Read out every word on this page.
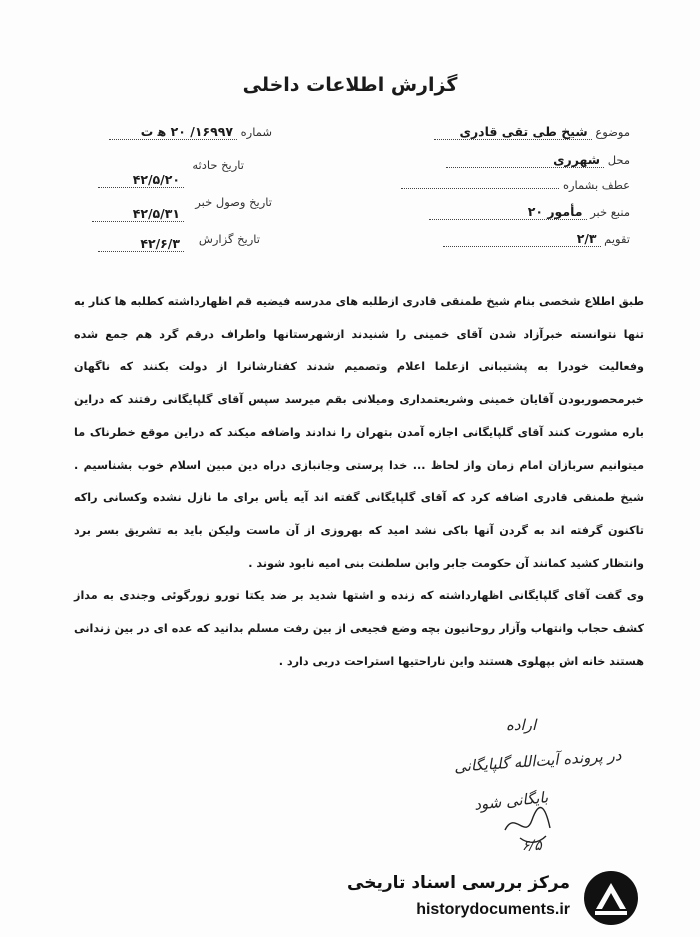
گزارش اطلاعات داخلی
موضوع شیخ طی تقی قادری
محل شهرری
عطف بشماره
منبع خبر مأمور ۲۰
تقویم ۲/۳
شماره ۱۶۹۹۷/ ۲۰ ه‍ ت
تاریخ حادثه
۴۲/۵/۲۰
تاریخ وصول خبر
۴۲/۵/۳۱
تاریخ گزارش
۴۲/۶/۳

طبق اطلاع شخصی بنام شیخ طمنقی قادری ازطلبه های مدرسه فیضیه قم اظهارداشته کطلبه ها کنار به تنها نتوانسته خبرآزاد شدن آقای خمینی را شنیدند ازشهرستانها واطراف درقم گرد هم جمع شده وفعالیت خودرا به پشتیبانی ازعلما اعلام وتصمیم شدند کفتارشانرا از دولت بکنند که ناگهان خبرمحصوربودن آقایان خمینی وشریعتمداری ومیلانی بقم میرسد سپس آقای گلپایگانی رفتند که دراین باره مشورت کنند آقای گلپایگانی اجازه آمدن بتهران را ندادند واضافه میکند که دراین موقع خطرناک ما میتوانیم سربازان امام زمان واز لحاظ ... خدا پرستی وجانبازی دراه دین مبین اسلام خوب بشناسیم . شیخ طمنقی قادری اضافه کرد که آقای گلپایگانی گفته اند آیه یأس برای ما نازل نشده وکسانی راکه تاکنون گرفته اند به گردن آنها باکی نشد امید که بهروزی از آن ماست ولیکن باید به تشریق بسر برد وانتظار کشید کمانند آن حکومت جابر وابن سلطنت بنی امیه نابود شوند .

وی گفت آقای گلپایگانی اظهارداشته که زنده و اشتها شدید بر ضد یکتا تورو زورگوئی وجندی به مداز کشف حجاب وانتهاب وآزار روحانیون بچه وضع فجیعی از بین رفت مسلم بدانید که عده ای در بین زندانی هستند خانه اش بپهلوی هستند واین ناراحتیها استراحت دربی دارد .

اراده
در پرونده آیت‌الله گلپایگانی
بایگانی شود
۶/۵
مرکز بررسی اسناد تاریخی
historydocuments.ir
